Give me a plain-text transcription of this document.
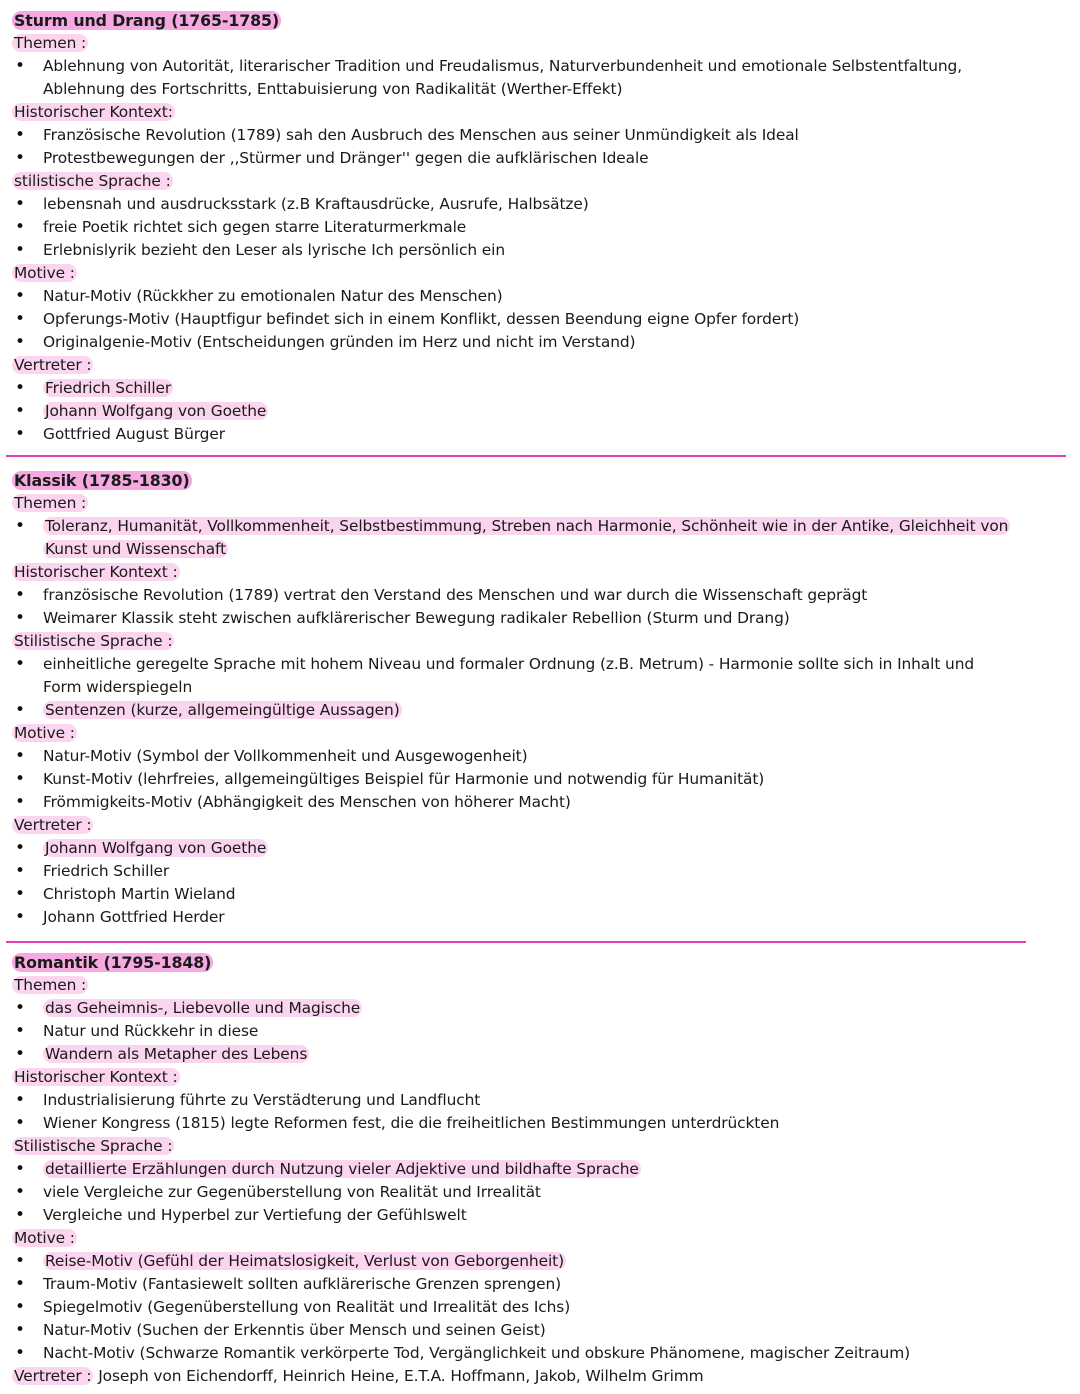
Sturm und Drang (1765-1785)
Themen :
• Ablehnung von Autorität, literarischer Tradition und Freudalismus, Naturverbundenheit und emotionale Selbstentfaltung,
Ablehnung des Fortschritts, Enttabuisierung von Radikalität (Werther-Effekt)
Historischer Kontext:
• Französische Revolution (1789) sah den Ausbruch des Menschen aus seiner Unmündigkeit als Ideal
• Protestbewegungen der ,,Stürmer und Dränger'' gegen die aufklärischen Ideale
stilistische Sprache :
• lebensnah und ausdrucksstark (z.B Kraftausdrücke, Ausrufe, Halbsätze)
• freie Poetik richtet sich gegen starre Literaturmerkmale
• Erlebnislyrik bezieht den Leser als lyrische Ich persönlich ein
Motive :
• Natur-Motiv (Rückkher zu emotionalen Natur des Menschen)
• Opferungs-Motiv (Hauptfigur befindet sich in einem Konflikt, dessen Beendung eigne Opfer fordert)
• Originalgenie-Motiv (Entscheidungen gründen im Herz und nicht im Verstand)
Vertreter :
• Friedrich Schiller
• Johann Wolfgang von Goethe
• Gottfried August Bürger
Klassik (1785-1830)
Themen :
• Toleranz, Humanität, Vollkommenheit, Selbstbestimmung, Streben nach Harmonie, Schönheit wie in der Antike, Gleichheit von
Kunst und Wissenschaft
Historischer Kontext :
• französische Revolution (1789) vertrat den Verstand des Menschen und war durch die Wissenschaft geprägt
• Weimarer Klassik steht zwischen aufklärerischer Bewegung radikaler Rebellion (Sturm und Drang)
Stilistische Sprache :
• einheitliche geregelte Sprache mit hohem Niveau und formaler Ordnung (z.B. Metrum) - Harmonie sollte sich in Inhalt und
Form widerspiegeln
• Sentenzen (kurze, allgemeingültige Aussagen)
Motive :
• Natur-Motiv (Symbol der Vollkommenheit und Ausgewogenheit)
• Kunst-Motiv (lehrfreies, allgemeingültiges Beispiel für Harmonie und notwendig für Humanität)
• Frömmigkeits-Motiv (Abhängigkeit des Menschen von höherer Macht)
Vertreter :
• Johann Wolfgang von Goethe
• Friedrich Schiller
• Christoph Martin Wieland
• Johann Gottfried Herder
Romantik (1795-1848)
Themen :
• das Geheimnis-, Liebevolle und Magische
• Natur und Rückkehr in diese
• Wandern als Metapher des Lebens
Historischer Kontext :
• Industrialisierung führte zu Verstädterung und Landflucht
• Wiener Kongress (1815) legte Reformen fest, die die freiheitlichen Bestimmungen unterdrückten
Stilistische Sprache :
• detaillierte Erzählungen durch Nutzung vieler Adjektive und bildhafte Sprache
• viele Vergleiche zur Gegenüberstellung von Realität und Irrealität
• Vergleiche und Hyperbel zur Vertiefung der Gefühlswelt
Motive :
• Reise-Motiv (Gefühl der Heimatslosigkeit, Verlust von Geborgenheit)
• Traum-Motiv (Fantasiewelt sollten aufklärerische Grenzen sprengen)
• Spiegelmotiv (Gegenüberstellung von Realität und Irrealität des Ichs)
• Natur-Motiv (Suchen der Erkenntis über Mensch und seinen Geist)
• Nacht-Motiv (Schwarze Romantik verkörperte Tod, Vergänglichkeit und obskure Phänomene, magischer Zeitraum)
Vertreter : Joseph von Eichendorff, Heinrich Heine, E.T.A. Hoffmann, Jakob, Wilhelm Grimm
